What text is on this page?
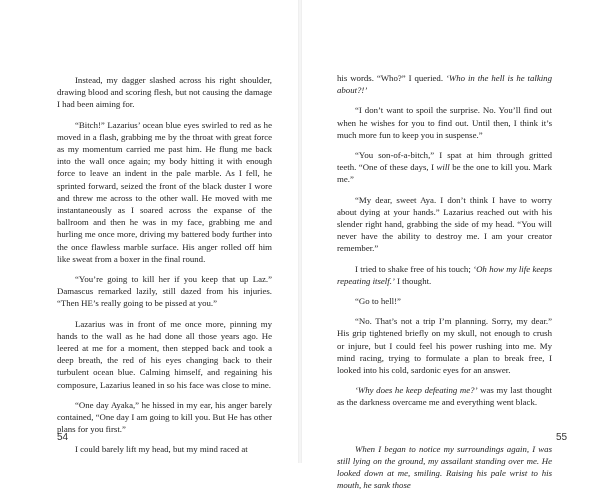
Instead, my dagger slashed across his right shoulder, drawing blood and scoring flesh, but not causing the damage I had been aiming for.

“Bitch!” Lazarius’ ocean blue eyes swirled to red as he moved in a flash, grabbing me by the throat with great force as my momentum carried me past him. He flung me back into the wall once again; my body hitting it with enough force to leave an indent in the pale marble. As I fell, he sprinted forward, seized the front of the black duster I wore and threw me across to the other wall. He moved with me instantaneously as I soared across the expanse of the ballroom and then he was in my face, grabbing me and hurling me once more, driving my battered body further into the once flawless marble surface. His anger rolled off him like sweat from a boxer in the final round.

“You’re going to kill her if you keep that up Laz.” Damascus remarked lazily, still dazed from his injuries. “Then HE’s really going to be pissed at you.”

Lazarius was in front of me once more, pinning my hands to the wall as he had done all those years ago. He leered at me for a moment, then stepped back and took a deep breath, the red of his eyes changing back to their turbulent ocean blue. Calming himself, and regaining his composure, Lazarius leaned in so his face was close to mine.

“One day Ayaka,” he hissed in my ear, his anger barely contained, “One day I am going to kill you. But He has other plans for you first.”

I could barely lift my head, but my mind raced at

54

his words. “Who?” I queried. ‘Who in the hell is he talking about?!’

“I don’t want to spoil the surprise. No. You’ll find out when he wishes for you to find out. Until then, I think it’s much more fun to keep you in suspense.”

“You son-of-a-bitch,” I spat at him through gritted teeth. “One of these days, I will be the one to kill you. Mark me.”

“My dear, sweet Aya. I don’t think I have to worry about dying at your hands.” Lazarius reached out with his slender right hand, grabbing the side of my head. “You will never have the ability to destroy me. I am your creator remember.”

I tried to shake free of his touch; ‘Oh how my life keeps repeating itself.’ I thought.

“Go to hell!”

“No. That’s not a trip I’m planning. Sorry, my dear.” His grip tightened briefly on my skull, not enough to crush or injure, but I could feel his power rushing into me. My mind racing, trying to formulate a plan to break free, I looked into his cold, sardonic eyes for an answer.

‘Why does he keep defeating me?’ was my last thought as the darkness overcame me and everything went black.

When I began to notice my surroundings again, I was still lying on the ground, my assailant standing over me. He looked down at me, smiling. Raising his pale wrist to his mouth, he sank those

55
